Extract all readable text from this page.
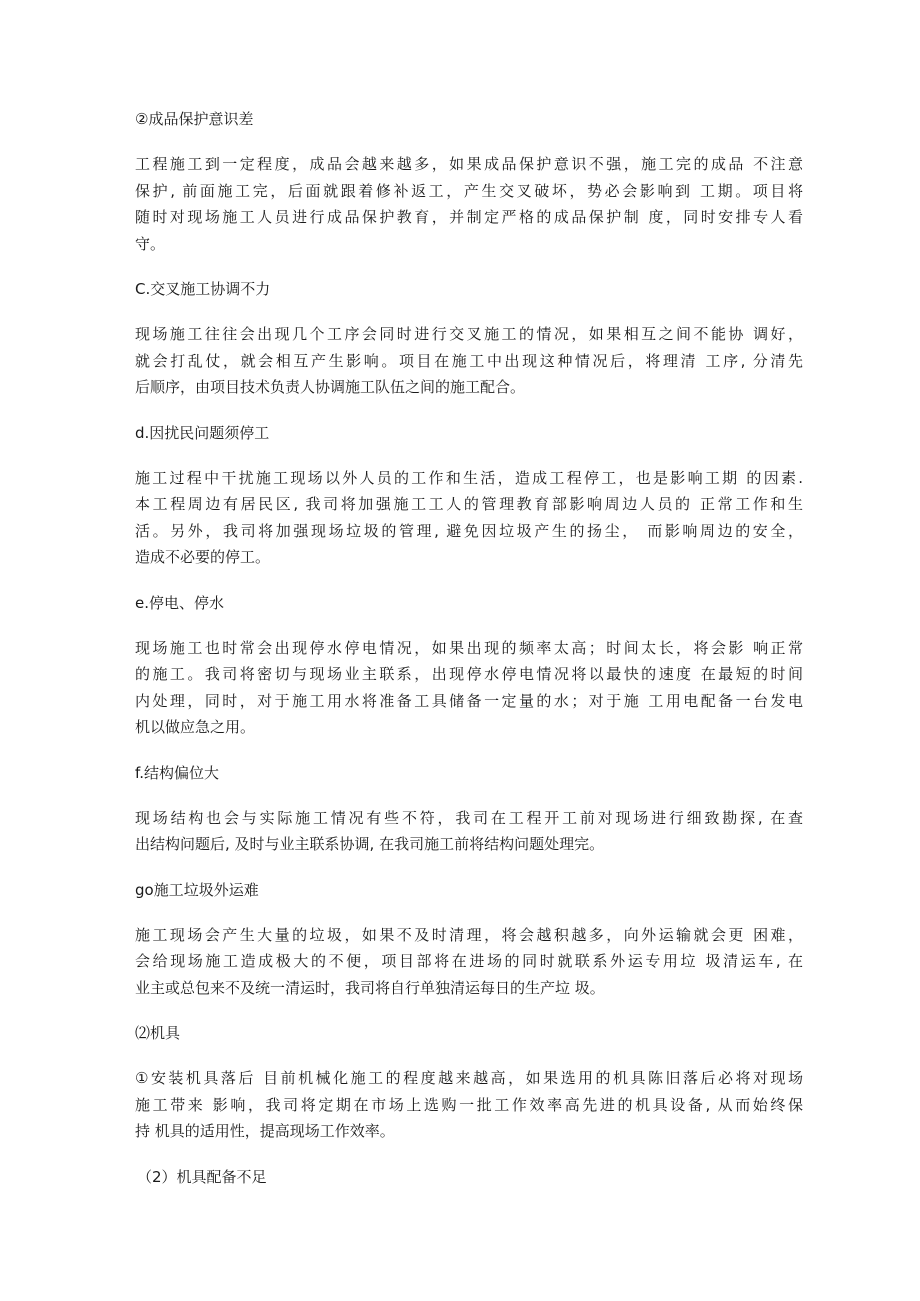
②成品保护意识差

工程施工到一定程度，成品会越来越多，如果成品保护意识不强，施工完的成品 不注意
保护, 前面施工完，后面就跟着修补返工，产生交叉破坏，势必会影响到 工期。项目将
随时对现场施工人员进行成品保护教育，并制定严格的成品保护制 度，同时安排专人看
守。

C.交叉施工协调不力

现场施工往往会出现几个工序会同时进行交叉施工的情况，如果相互之间不能协 调好，
就会打乱仗，就会相互产生影响。项目在施工中出现这种情况后，将理清 工序, 分清先
后顺序，由项目技术负责人协调施工队伍之间的施工配合。

d.因扰民问题须停工

施工过程中干扰施工现场以外人员的工作和生活，造成工程停工，也是影响工期 的因素.
本工程周边有居民区, 我司将加强施工工人的管理教育部影响周边人员的 正常工作和生
活。另外，我司将加强现场垃圾的管理, 避免因垃圾产生的扬尘， 而影响周边的安全，
造成不必要的停工。

e.停电、停水

现场施工也时常会出现停水停电情况，如果出现的频率太高；时间太长，将会影 响正常
的施工。我司将密切与现场业主联系，出现停水停电情况将以最快的速度 在最短的时间
内处理，同时，对于施工用水将准备工具储备一定量的水；对于施 工用电配备一台发电
机以做应急之用。

f.结构偏位大

现场结构也会与实际施工情况有些不符，我司在工程开工前对现场进行细致勘探, 在查
出结构问题后, 及时与业主联系协调, 在我司施工前将结构问题处理完。

go施工垃圾外运难

施工现场会产生大量的垃圾，如果不及时清理，将会越积越多，向外运输就会更 困难，
会给现场施工造成极大的不便，项目部将在进场的同时就联系外运专用垃 圾清运车, 在
业主或总包来不及统一清运时，我司将自行单独清运每日的生产垃 圾。

⑵机具

①安装机具落后 目前机械化施工的程度越来越高，如果选用的机具陈旧落后必将对现场
施工带来 影响，我司将定期在市场上选购一批工作效率高先进的机具设备, 从而始终保
持 机具的适用性，提高现场工作效率。

（2）机具配备不足
